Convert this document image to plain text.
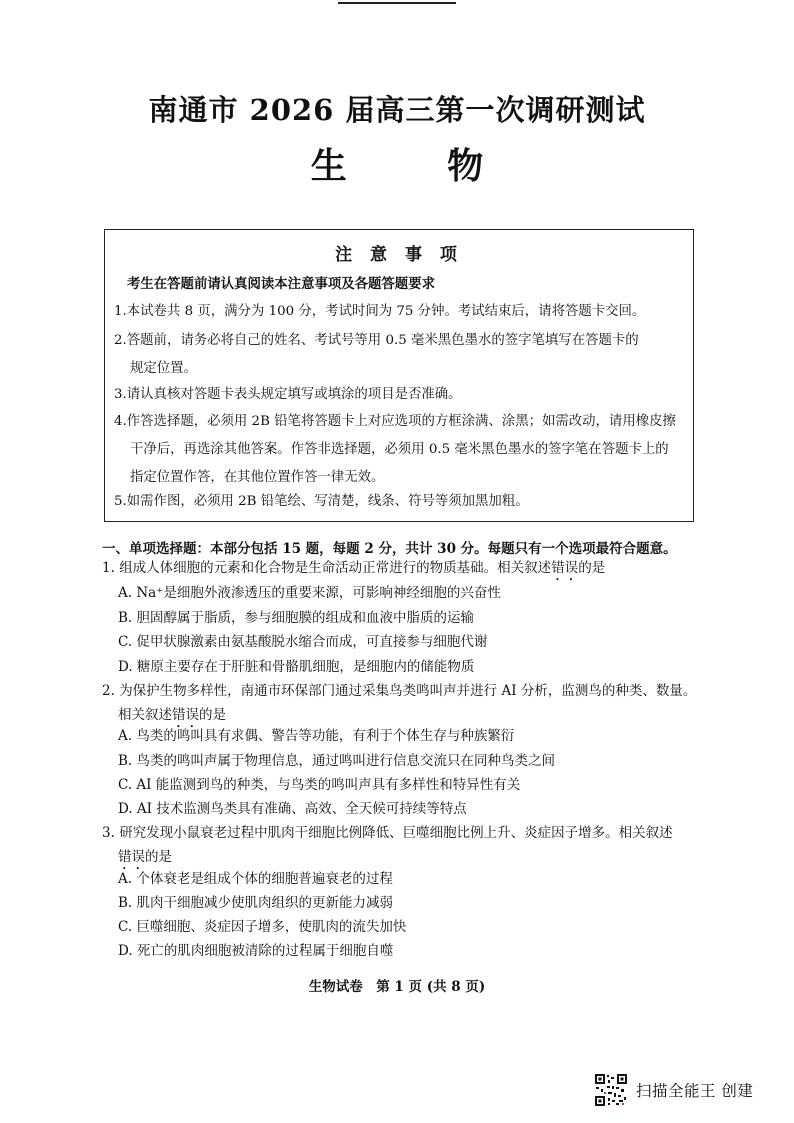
南通市 2026 届高三第一次调研测试
生 物
注 意 事 项
考生在答题前请认真阅读本注意事项及各题答题要求
1.本试卷共 8 页，满分为 100 分，考试时间为 75 分钟。考试结束后，请将答题卡交回。
2.答题前，请务必将自己的姓名、考试号等用 0.5 毫米黑色墨水的签字笔填写在答题卡的
规定位置。
3.请认真核对答题卡表头规定填写或填涂的项目是否准确。
4.作答选择题，必须用 2B 铅笔将答题卡上对应选项的方框涂满、涂黑；如需改动，请用橡皮擦
干净后，再选涂其他答案。作答非选择题，必须用 0.5 毫米黑色墨水的签字笔在答题卡上的
指定位置作答，在其他位置作答一律无效。
5.如需作图，必须用 2B 铅笔绘、写清楚，线条、符号等须加黑加粗。
一、单项选择题：本部分包括 15 题，每题 2 分，共计 30 分。每题只有一个选项最符合题意。
1. 组成人体细胞的元素和化合物是生命活动正常进行的物质基础。相关叙述错误的是
A. Na⁺是细胞外液渗透压的重要来源，可影响神经细胞的兴奋性
B. 胆固醇属于脂质，参与细胞膜的组成和血液中脂质的运输
C. 促甲状腺激素由氨基酸脱水缩合而成，可直接参与细胞代谢
D. 糖原主要存在于肝脏和骨骼肌细胞，是细胞内的储能物质
2. 为保护生物多样性，南通市环保部门通过采集鸟类鸣叫声并进行 AI 分析，监测鸟的种类、数量。
相关叙述错误的是
A. 鸟类的鸣叫具有求偶、警告等功能，有利于个体生存与种族繁衍
B. 鸟类的鸣叫声属于物理信息，通过鸣叫进行信息交流只在同种鸟类之间
C. AI 能监测到鸟的种类，与鸟类的鸣叫声具有多样性和特异性有关
D. AI 技术监测鸟类具有准确、高效、全天候可持续等特点
3. 研究发现小鼠衰老过程中肌肉干细胞比例降低、巨噬细胞比例上升、炎症因子增多。相关叙述
错误的是
A. 个体衰老是组成个体的细胞普遍衰老的过程
B. 肌肉干细胞减少使肌肉组织的更新能力减弱
C. 巨噬细胞、炎症因子增多，使肌肉的流失加快
D. 死亡的肌肉细胞被清除的过程属于细胞自噬
生物试卷　第 1 页 (共 8 页)
扫描全能王 创建
